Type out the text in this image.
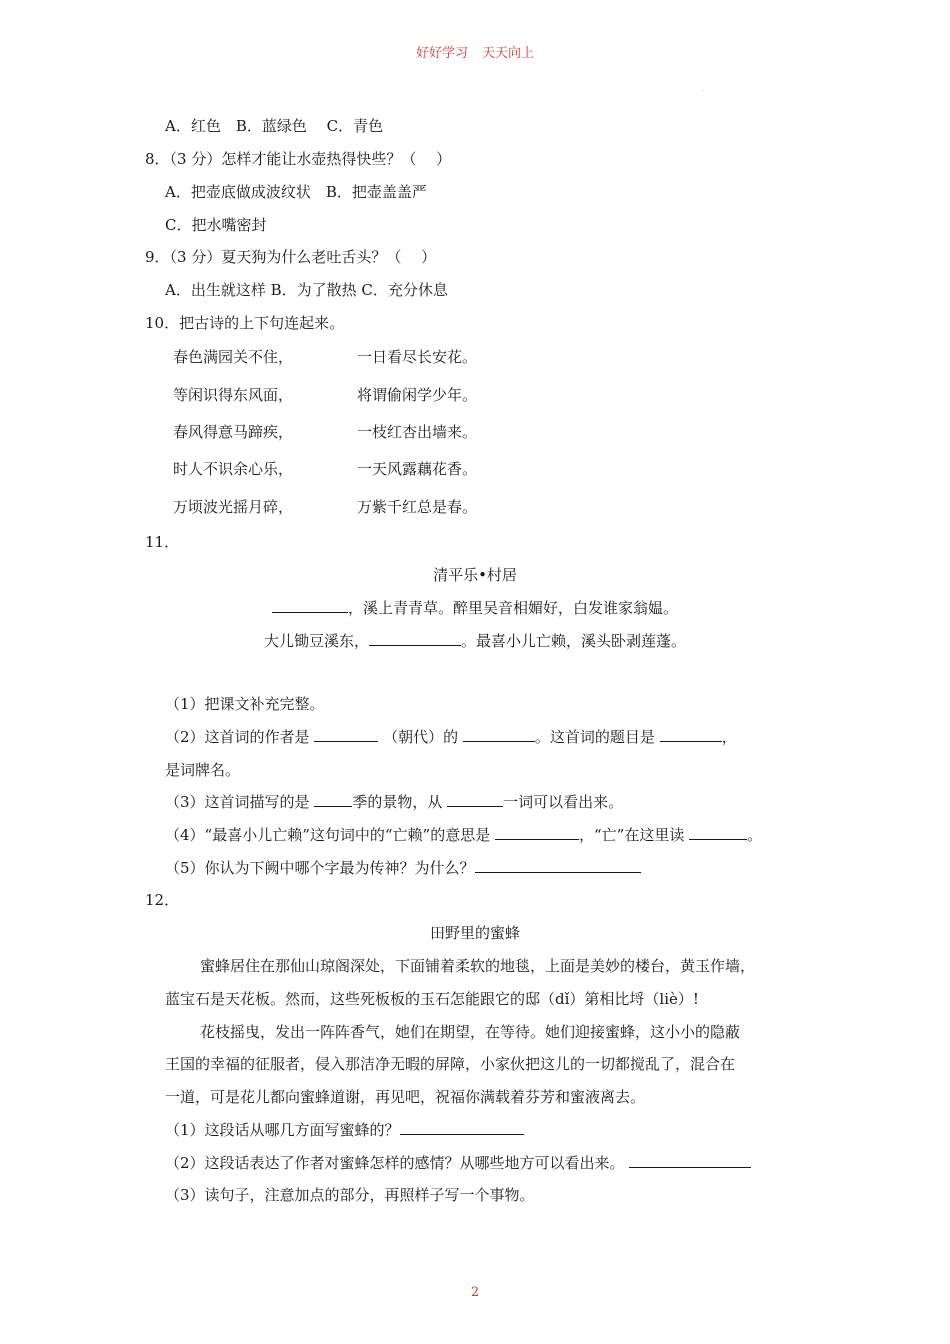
好好学习 天天向上
·
A．红色　B．蓝绿色　 C．青色
8．（3 分）怎样才能让水壶热得快些？（　 ）
A．把壶底做成波纹状　B．把壶盖盖严
C．把水嘴密封
9．（3 分）夏天狗为什么老吐舌头？（　 ）
A．出生就这样 B．为了散热 C．充分休息
10．把古诗的上下句连起来。
春色满园关不住，	一日看尽长安花。
等闲识得东风面，	将谓偷闲学少年。
春风得意马蹄疾，	一枝红杏出墙来。
时人不识余心乐，	一天风露藕花香。
万顷波光摇月碎，	万紫千红总是春。
11．
清平乐•村居
，溪上青青草。醉里吴音相媚好，白发谁家翁媪。
大儿锄豆溪东，	。最喜小儿亡赖，溪头卧剥莲蓬。
（1）把课文补充完整。
（2）这首词的作者是	（朝代）的	。这首词的题目是	，
是词牌名。
（3）这首词描写的是	季的景物，从	一词可以看出来。
（4）“最喜小儿亡赖”这句词中的“亡赖”的意思是	，“亡”在这里读	。
（5）你认为下阙中哪个字最为传神？为什么？
12．
田野里的蜜蜂
蜜蜂居住在那仙山琼阁深处，下面铺着柔软的地毯，上面是美妙的楼台，黄玉作墙，
蓝宝石是天花板。然而，这些死板板的玉石怎能跟它的邸（dǐ）第相比埒（liè）!
花枝摇曳，发出一阵阵香气，她们在期望，在等待。她们迎接蜜蜂，这小小的隐蔽
王国的幸福的征服者，侵入那洁净无暇的屏障，小家伙把这儿的一切都搅乱了，混合在
一道，可是花儿都向蜜蜂道谢，再见吧，祝福你满载着芬芳和蜜液离去。
（1）这段话从哪几方面写蜜蜂的？
（2）这段话表达了作者对蜜蜂怎样的感情？从哪些地方可以看出来。
（3）读句子，注意加点的部分，再照样子写一个事物。
2
